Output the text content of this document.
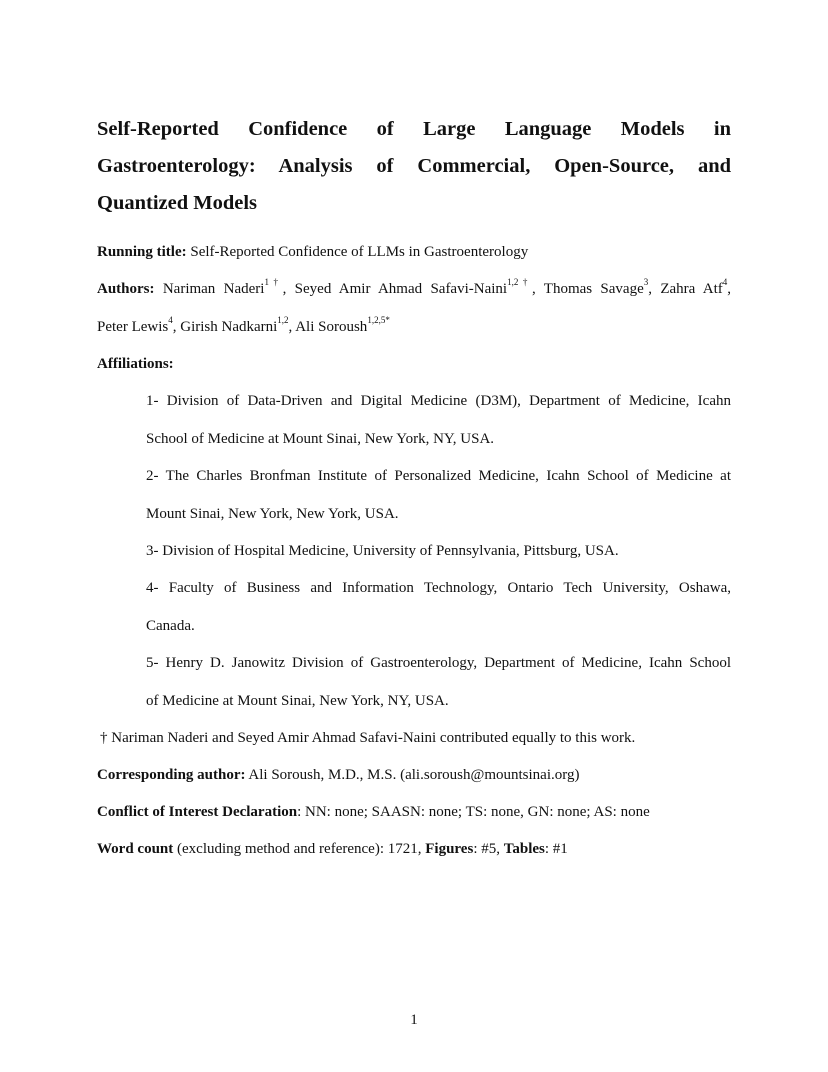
Self-Reported Confidence of Large Language Models in
Gastroenterology: Analysis of Commercial, Open-Source, and
Quantized Models

Running title: Self-Reported Confidence of LLMs in Gastroenterology

Authors: Nariman Naderi$^{1\dagger}$, Seyed Amir Ahmad Safavi-Naini$^{1,2\dagger}$, Thomas Savage$^3$, Zahra Atf$^4$,
Peter Lewis$^4$, Girish Nadkarni$^{1,2}$, Ali Soroush$^{1,2,5*}$

Affiliations:

1- Division of Data-Driven and Digital Medicine (D3M), Department of Medicine, Icahn
School of Medicine at Mount Sinai, New York, NY, USA.
2- The Charles Bronfman Institute of Personalized Medicine, Icahn School of Medicine at
Mount Sinai, New York, New York, USA.
3- Division of Hospital Medicine, University of Pennsylvania, Pittsburg, USA.
4- Faculty of Business and Information Technology, Ontario Tech University, Oshawa,
Canada.
5- Henry D. Janowitz Division of Gastroenterology, Department of Medicine, Icahn School
of Medicine at Mount Sinai, New York, NY, USA.

† Nariman Naderi and Seyed Amir Ahmad Safavi-Naini contributed equally to this work.

Corresponding author: Ali Soroush, M.D., M.S. (ali.soroush@mountsinai.org)

Conflict of Interest Declaration: NN: none; SAASN: none; TS: none, GN: none; AS: none

Word count (excluding method and reference): 1721, Figures: #5, Tables: #1

1
